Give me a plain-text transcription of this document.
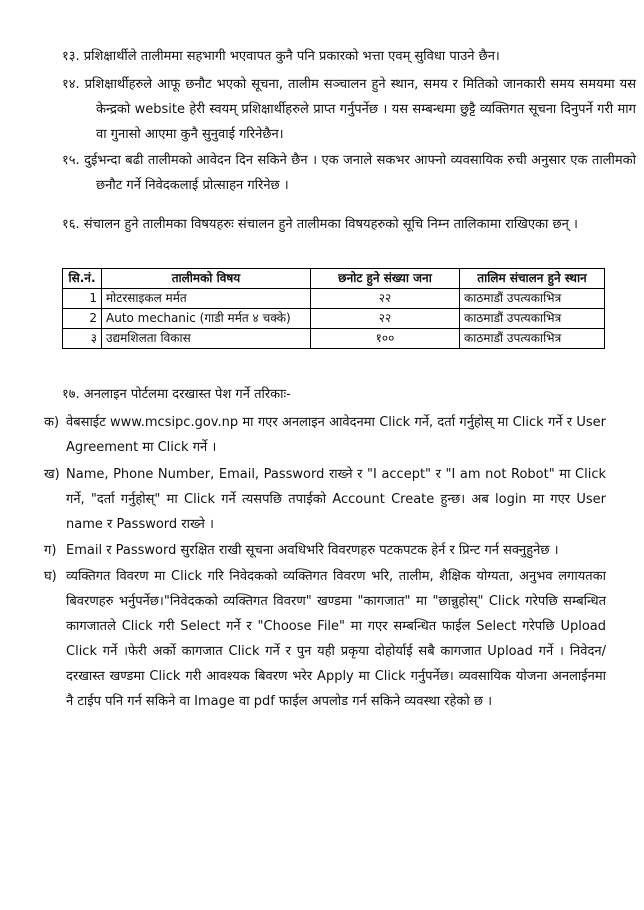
१३. प्रशिक्षार्थीले तालीममा सहभागी भएवापत कुनै पनि प्रकारको भत्ता एवम् सुविधा पाउने छैन।
१४. प्रशिक्षार्थीहरुले आफू छनौट भएको सूचना, तालीम सञ्चालन हुने स्थान, समय र मितिको जानकारी समय समयमा यस केन्द्रको website हेरी स्वयम् प्रशिक्षार्थीहरुले प्राप्त गर्नुपर्नेछ । यस सम्बन्धमा छुट्टै व्यक्तिगत सूचना दिनुपर्ने गरी माग वा गुनासो आएमा कुनै सुनुवाई गरिनेछैन।
१५. दुईभन्दा बढी तालीमको आवेदन दिन सकिने छैन । एक जनाले सकभर आफ्नो व्यवसायिक रुची अनुसार एक तालीमको छनौट गर्ने निवेदकलाई प्रोत्साहन गरिनेछ ।
१६. संचालन हुने तालीमका विषयहरुः संचालन हुने तालीमका विषयहरुको सूचि निम्न तालिकामा राखिएका छन् ।
सि.नं.	तालीमको विषय	छनोट हुने संख्या जना	तालिम संचालन हुने स्थान
1	मोटरसाइकल मर्मत	२२	काठमाडौं उपत्यकाभित्र
2	Auto mechanic (गाडी मर्मत ४ चक्के)	२२	काठमाडौं उपत्यकाभित्र
३	उद्यमशिलता विकास	१००	काठमाडौं उपत्यकाभित्र
१७. अनलाइन पोर्टलमा दरखास्त पेश गर्ने तरिकाः-
क) वेबसाईट www.mcsipc.gov.np मा गएर अनलाइन आवेदनमा Click गर्ने, दर्ता गर्नुहोस् मा Click गर्ने र User Agreement मा Click गर्ने ।
ख) Name, Phone Number, Email, Password राख्ने र "I accept" र "I am not Robot" मा Click गर्ने, "दर्ता गर्नुहोस्" मा Click गर्ने त्यसपछि तपाईको Account Create हुन्छ। अब login मा गएर User name र Password राख्ने ।
ग) Email र Password सुरक्षित राखी सूचना अवधिभरि विवरणहरु पटकपटक हेर्न र प्रिन्ट गर्न सक्नुहुनेछ ।
घ) व्यक्तिगत विवरण मा Click गरि निवेदकको व्यक्तिगत विवरण भरि, तालीम, शैक्षिक योग्यता, अनुभव लगायतका बिवरणहरु भर्नुपर्नेछ।"निवेदकको व्यक्तिगत विवरण" खण्डमा "कागजात" मा "छान्नुहोस्" Click गरेपछि सम्बन्धित कागजातले Click गरी Select गर्ने र "Choose File" मा गएर सम्बन्धित फाईल Select गरेपछि Upload Click गर्ने ।फेरी अर्को कागजात Click गर्ने र पुन यही प्रकृया दोहोर्याई सबै कागजात Upload गर्ने । निवेदन/दरखास्त खण्डमा Click गरी आवश्यक बिवरण भरेर Apply मा Click गर्नुपर्नेछ। व्यवसायिक योजना अनलाईनमा नै टाईप पनि गर्न सकिने वा Image वा pdf फाईल अपलोड गर्न सकिने व्यवस्था रहेको छ ।
